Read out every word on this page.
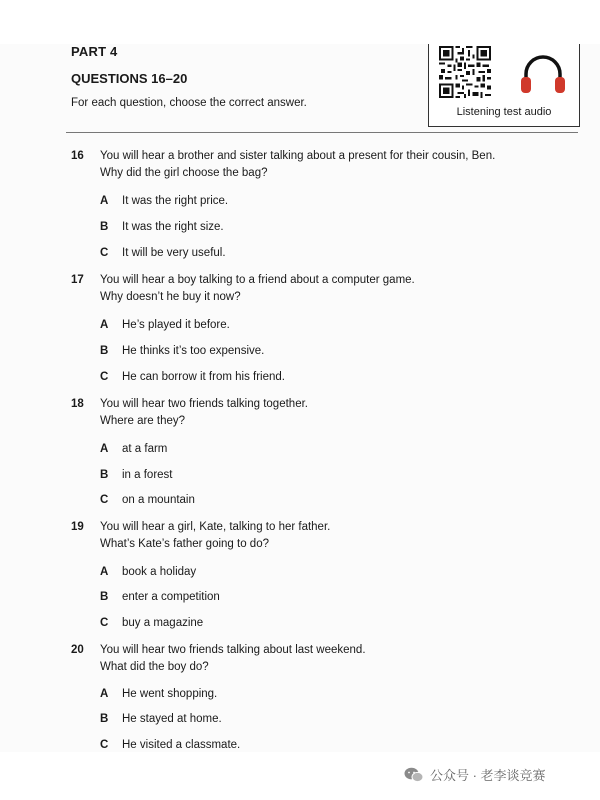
PART 4
QUESTIONS 16–20
For each question, choose the correct answer.
Listening test audio
16 You will hear a brother and sister talking about a present for their cousin, Ben.
Why did the girl choose the bag?
A It was the right price.
B It was the right size.
C It will be very useful.
17 You will hear a boy talking to a friend about a computer game.
Why doesn’t he buy it now?
A He’s played it before.
B He thinks it’s too expensive.
C He can borrow it from his friend.
18 You will hear two friends talking together.
Where are they?
A at a farm
B in a forest
C on a mountain
19 You will hear a girl, Kate, talking to her father.
What’s Kate’s father going to do?
A book a holiday
B enter a competition
C buy a magazine
20 You will hear two friends talking about last weekend.
What did the boy do?
A He went shopping.
B He stayed at home.
C He visited a classmate.
公众号 · 老李谈竞赛
